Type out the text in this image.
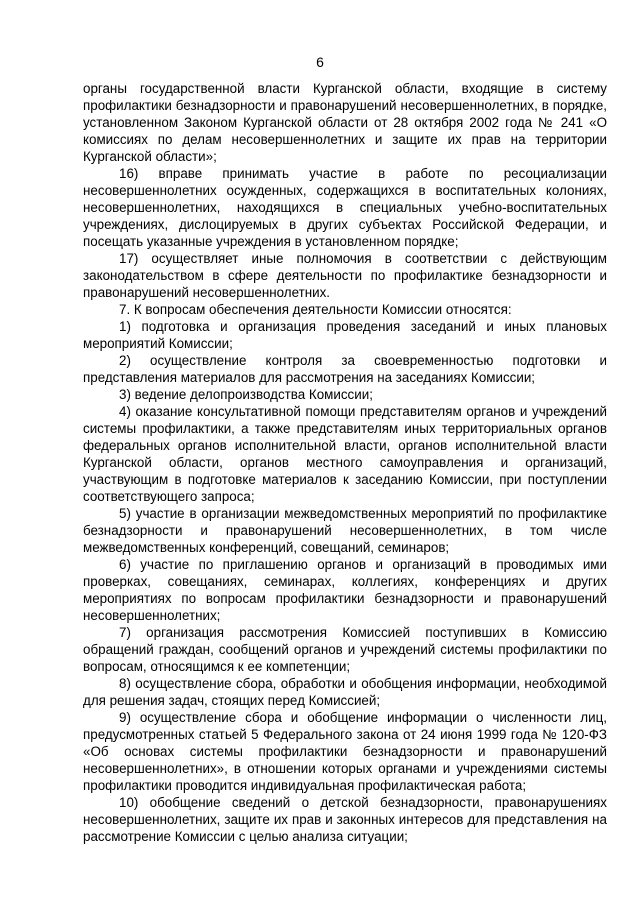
6

органы государственной власти Курганской области, входящие в систему профилактики безнадзорности и правонарушений несовершеннолетних, в порядке, установленном Законом Курганской области от 28 октября 2002 года № 241 «О комиссиях по делам несовершеннолетних и защите их прав на территории Курганской области»;

16) вправе принимать участие в работе по ресоциализации несовершеннолетних осужденных, содержащихся в воспитательных колониях, несовершеннолетних, находящихся в специальных учебно-воспитательных учреждениях, дислоцируемых в других субъектах Российской Федерации, и посещать указанные учреждения в установленном порядке;

17) осуществляет иные полномочия в соответствии с действующим законодательством в сфере деятельности по профилактике безнадзорности и правонарушений несовершеннолетних.

7. К вопросам обеспечения деятельности Комиссии относятся:

1) подготовка и организация проведения заседаний и иных плановых мероприятий Комиссии;

2) осуществление контроля за своевременностью подготовки и представления материалов для рассмотрения на заседаниях Комиссии;

3) ведение делопроизводства Комиссии;

4) оказание консультативной помощи представителям органов и учреждений системы профилактики, а также представителям иных территориальных органов федеральных органов исполнительной власти, органов исполнительной власти Курганской области, органов местного самоуправления и организаций, участвующим в подготовке материалов к заседанию Комиссии, при поступлении соответствующего запроса;

5) участие в организации межведомственных мероприятий по профилактике безнадзорности и правонарушений несовершеннолетних, в том числе межведомственных конференций, совещаний, семинаров;

6) участие по приглашению органов и организаций в проводимых ими проверках, совещаниях, семинарах, коллегиях, конференциях и других мероприятиях по вопросам профилактики безнадзорности и правонарушений несовершеннолетних;

7) организация рассмотрения Комиссией поступивших в Комиссию обращений граждан, сообщений органов и учреждений системы профилактики по вопросам, относящимся к ее компетенции;

8) осуществление сбора, обработки и обобщения информации, необходимой для решения задач, стоящих перед Комиссией;

9) осуществление сбора и обобщение информации о численности лиц, предусмотренных статьей 5 Федерального закона от 24 июня 1999 года № 120-ФЗ «Об основах системы профилактики безнадзорности и правонарушений несовершеннолетних», в отношении которых органами и учреждениями системы профилактики проводится индивидуальная профилактическая работа;

10) обобщение сведений о детской безнадзорности, правонарушениях несовершеннолетних, защите их прав и законных интересов для представления на рассмотрение Комиссии с целью анализа ситуации;
